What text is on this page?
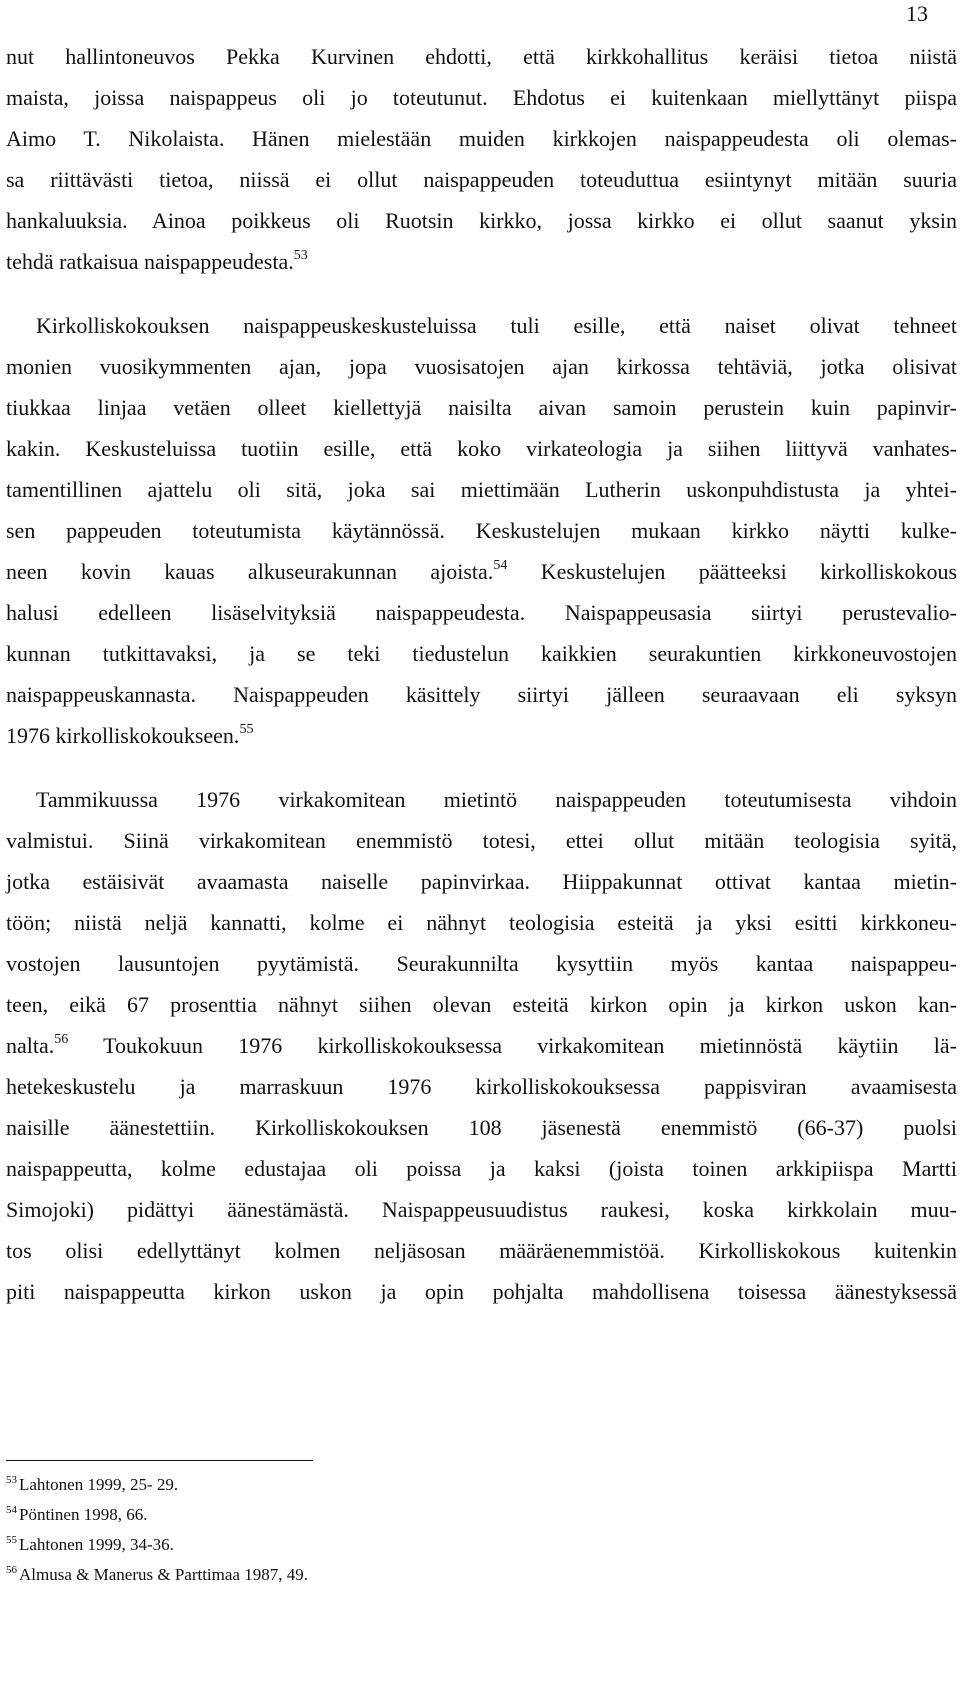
13
nut hallintoneuvos Pekka Kurvinen ehdotti, että kirkkohallitus keräisi tietoa niistä
maista, joissa naispappeus oli jo toteutunut. Ehdotus ei kuitenkaan miellyttänyt piispa
Aimo T. Nikolaista. Hänen mielestään muiden kirkkojen naispappeudesta oli olemas-
sa riittävästi tietoa, niissä ei ollut naispappeuden toteuduttua esiintynyt mitään suuria
hankaluuksia. Ainoa poikkeus oli Ruotsin kirkko, jossa kirkko ei ollut saanut yksin
tehdä ratkaisua naispappeudesta.$^{53}$
Kirkolliskokouksen naispappeuskeskusteluissa tuli esille, että naiset olivat tehneet
monien vuosikymmenten ajan, jopa vuosisatojen ajan kirkossa tehtäviä, jotka olisivat
tiukkaa linjaa vetäen olleet kiellettyjä naisilta aivan samoin perustein kuin papinvir-
kakin. Keskusteluissa tuotiin esille, että koko virkateologia ja siihen liittyvä vanhates-
tamentillinen ajattelu oli sitä, joka sai miettimään Lutherin uskonpuhdistusta ja yhtei-
sen pappeuden toteutumista käytännössä. Keskustelujen mukaan kirkko näytti kulke-
neen kovin kauas alkuseurakunnan ajoista.$^{54}$ Keskustelujen päätteeksi kirkolliskokous
halusi edelleen lisäselvityksiä naispappeudesta. Naispappeusasia siirtyi perustevalio-
kunnan tutkittavaksi, ja se teki tiedustelun kaikkien seurakuntien kirkkoneuvostojen
naispappeuskannasta. Naispappeuden käsittely siirtyi jälleen seuraavaan eli syksyn
1976 kirkolliskokoukseen.$^{55}$
Tammikuussa 1976 virkakomitean mietintö naispappeuden toteutumisesta vihdoin
valmistui. Siinä virkakomitean enemmistö totesi, ettei ollut mitään teologisia syitä,
jotka estäisivät avaamasta naiselle papinvirkaa. Hiippakunnat ottivat kantaa mietin-
töön; niistä neljä kannatti, kolme ei nähnyt teologisia esteitä ja yksi esitti kirkkoneu-
vostojen lausuntojen pyytämistä. Seurakunnilta kysyttiin myös kantaa naispappeu-
teen, eikä 67 prosenttia nähnyt siihen olevan esteitä kirkon opin ja kirkon uskon kan-
nalta.$^{56}$ Toukokuun 1976 kirkolliskokouksessa virkakomitean mietinnöstä käytiin lä-
hetekeskustelu ja marraskuun 1976 kirkolliskokouksessa pappisviran avaamisesta
naisille äänestettiin. Kirkolliskokouksen 108 jäsenestä enemmistö (66-37) puolsi
naispappeutta, kolme edustajaa oli poissa ja kaksi (joista toinen arkkipiispa Martti
Simojoki) pidättyi äänestämästä. Naispappeusuudistus raukesi, koska kirkkolain muu-
tos olisi edellyttänyt kolmen neljäsosan määräenemmistöä. Kirkolliskokous kuitenkin
piti naispappeutta kirkon uskon ja opin pohjalta mahdollisena toisessa äänestyksessä
$^{53}$ Lahtonen 1999, 25- 29.
$^{54}$ Pöntinen 1998, 66.
$^{55}$ Lahtonen 1999, 34-36.
$^{56}$ Almusa & Manerus & Parttimaa 1987, 49.
